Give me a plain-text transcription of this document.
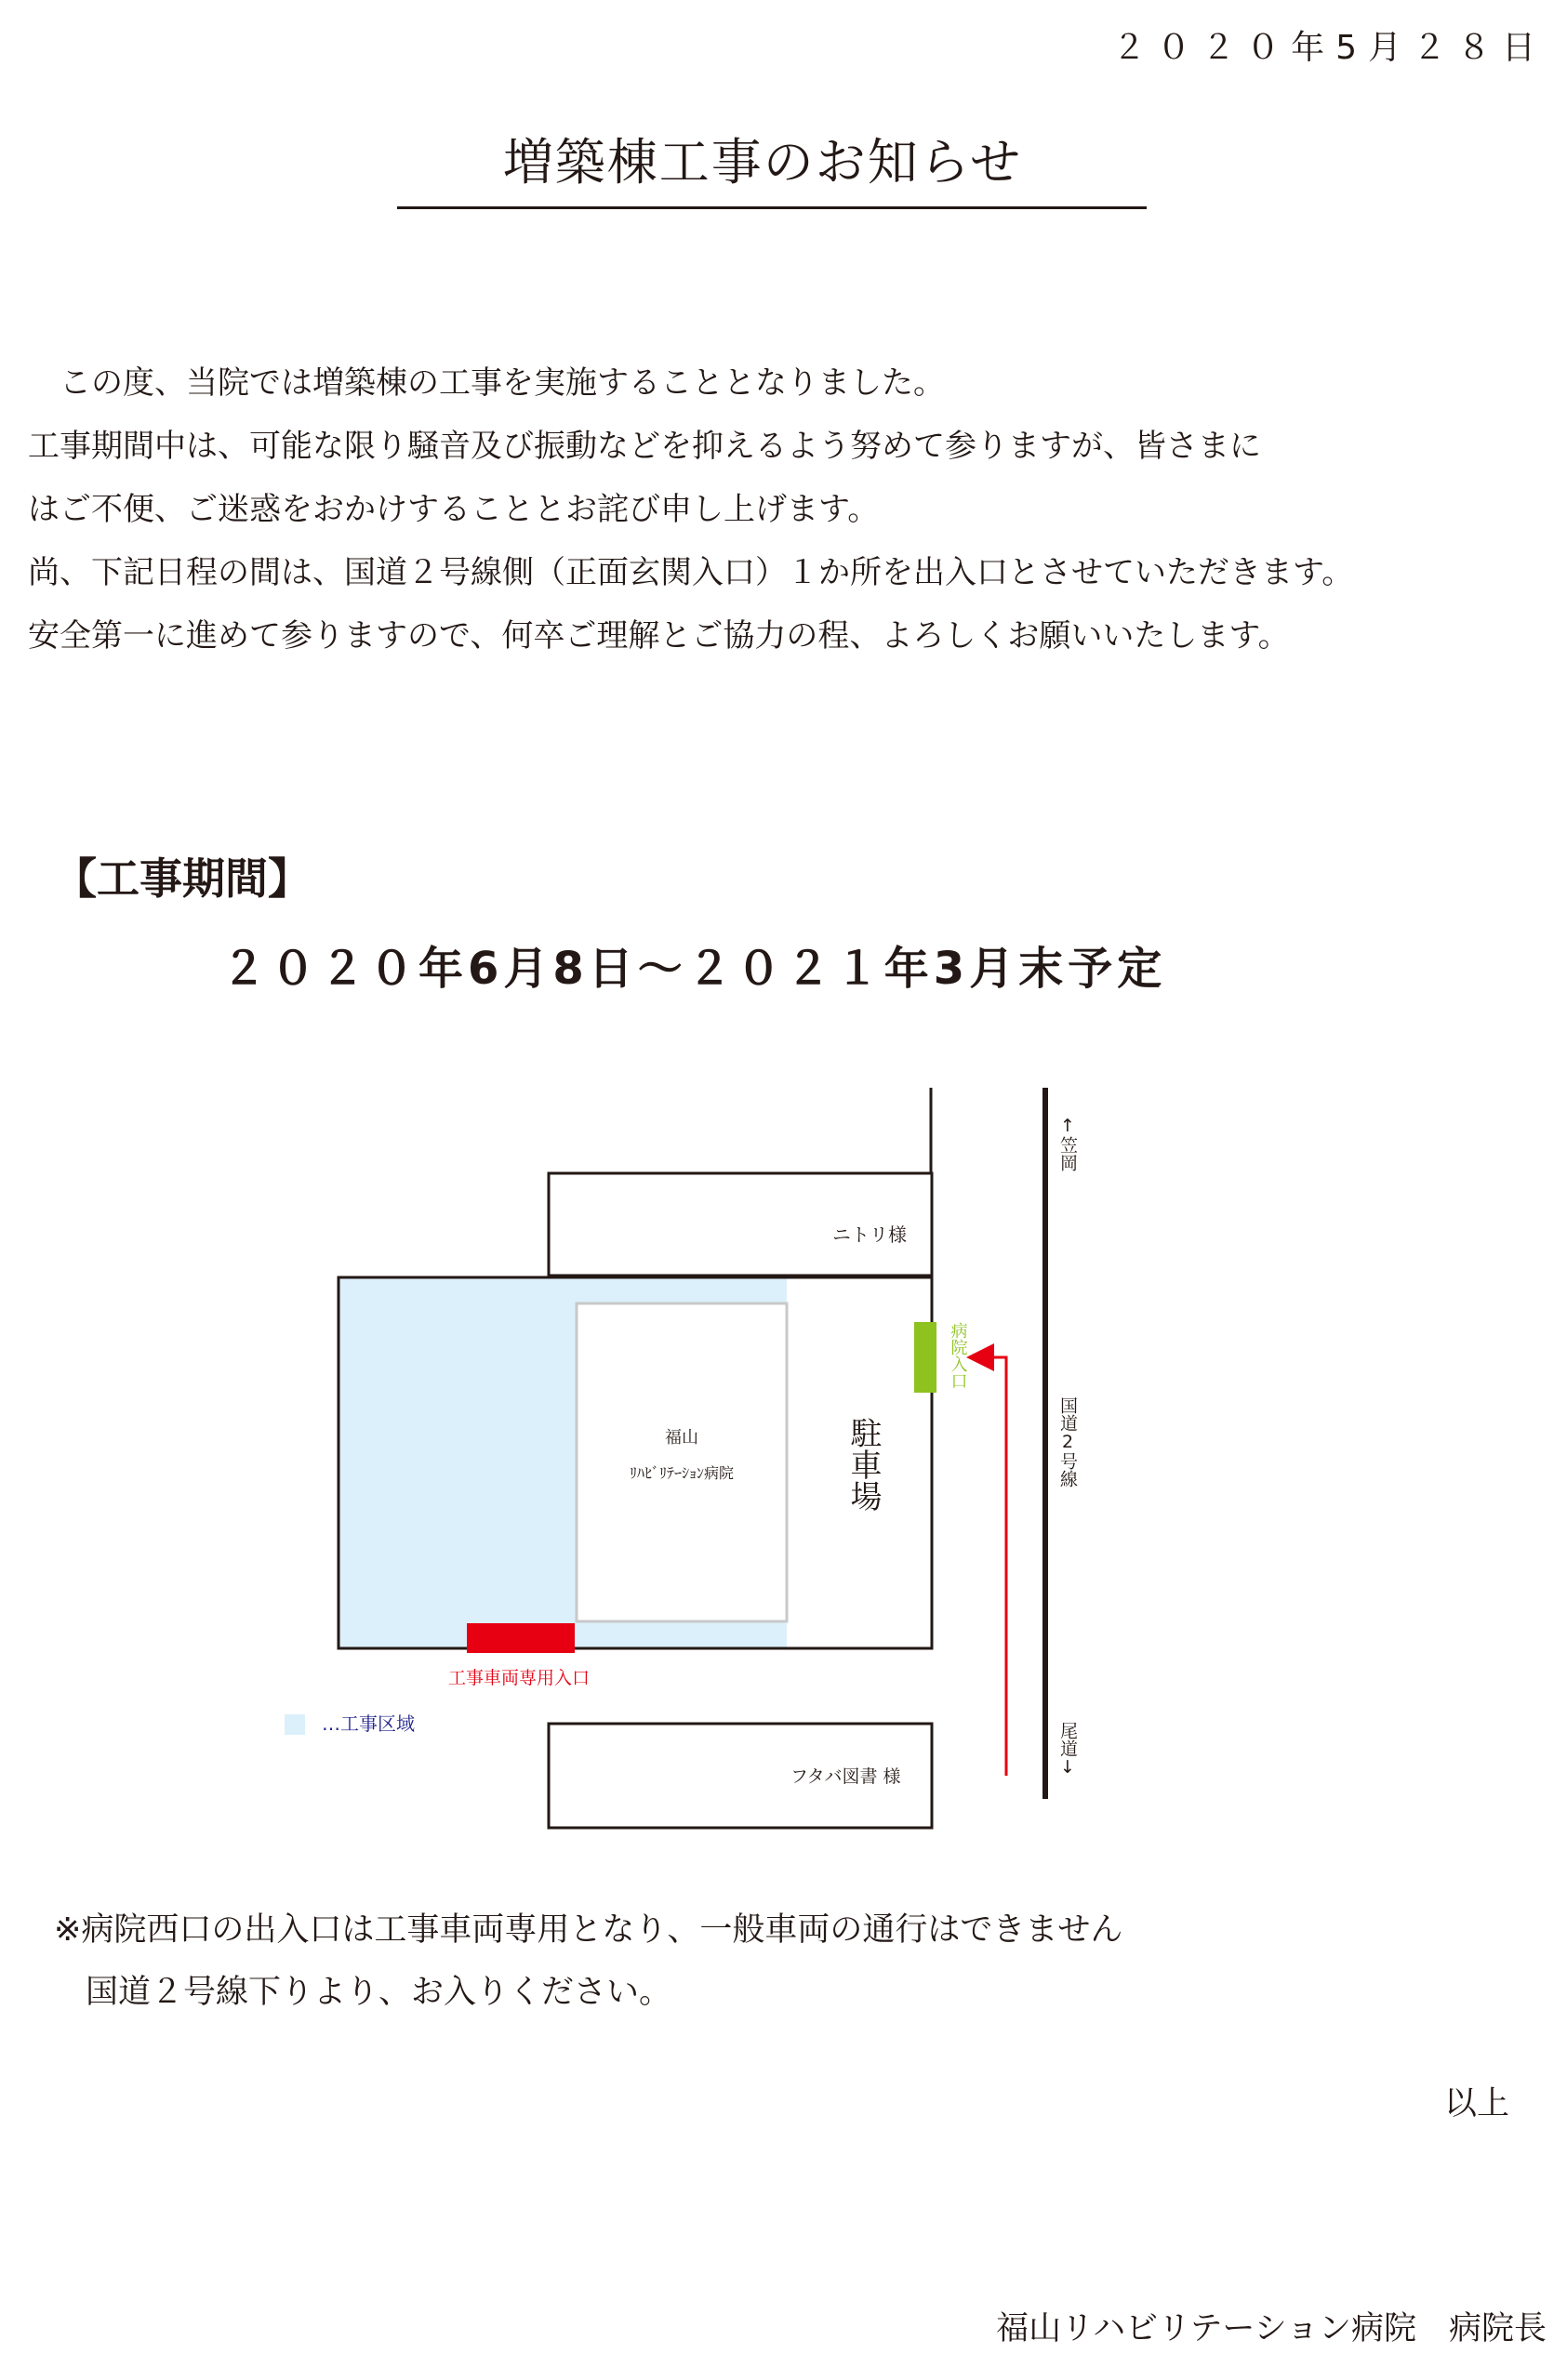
２０２０年5月２８日
増築棟工事のお知らせ

　この度、当院では増築棟の工事を実施することとなりました。

工事期間中は、可能な限り騒音及び振動などを抑えるよう努めて参りますが、皆さまに

はご不便、ご迷惑をおかけすることとお詫び申し上げます。

尚、下記日程の間は、国道２号線側（正面玄関入口）１か所を出入口とさせていただきます。

安全第一に進めて参りますので、何卒ご理解とご協力の程、よろしくお願いいたします。

【工事期間】
２０２０年6月8日～２０２１年3月末予定
ニトリ様
福山
ﾘﾊﾋﾞﾘﾃｰｼｮﾝ病院	駐車場
病院入口
工事車両専用入口
…工事区域
フタバ図書 様
↑笠岡
国道2号線
尾道↓

※病院西口の出入口は工事車両専用となり、一般車両の通行はできません

国道２号線下りより、お入りください。

以上

福山リハビリテーション病院　病院長
